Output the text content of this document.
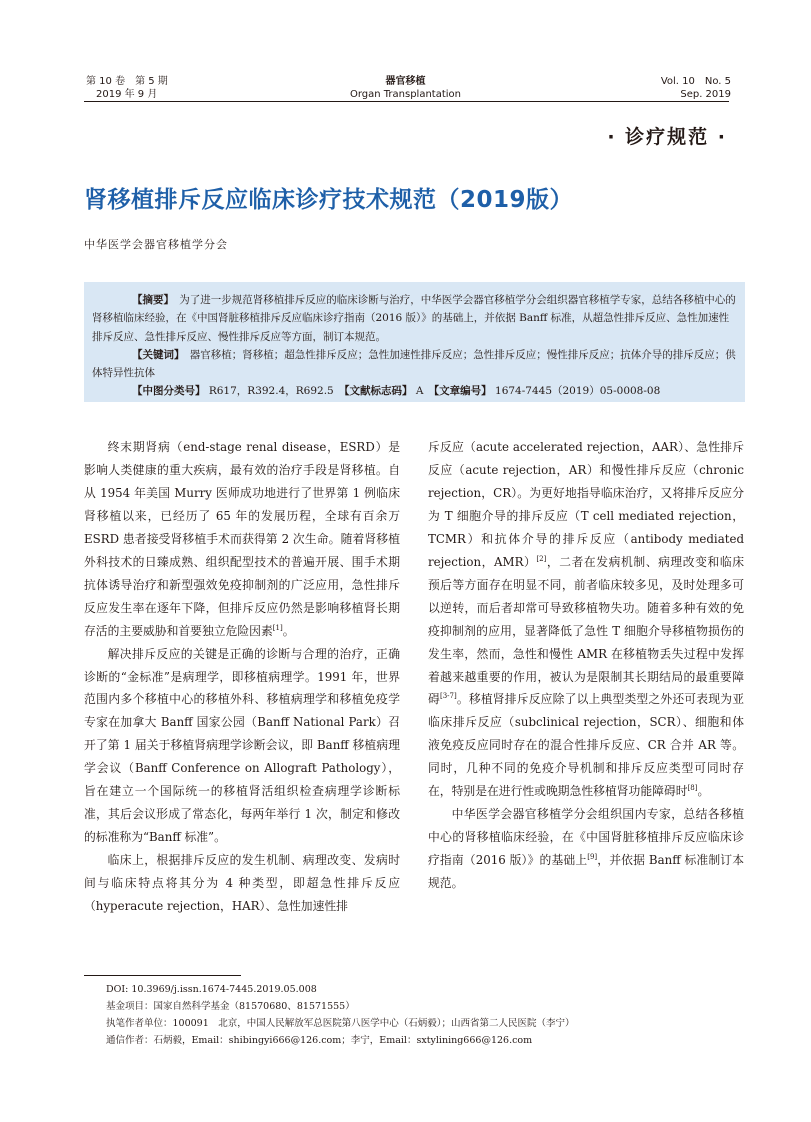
第 10 卷　第 5 期
2019 年 9 月
器官移植
Organ Transplantation
Vol. 10　No. 5
Sep. 2019
· 诊疗规范 ·
肾移植排斥反应临床诊疗技术规范（2019版）
中华医学会器官移植学分会

【摘要】　 为了进一步规范肾移植排斥反应的临床诊断与治疗，中华医学会器官移植学分会组织器官移植学专家，总结各移植中心的肾移植临床经验，在《中国肾脏移植排斥反应临床诊疗指南（2016 版）》的基础上，并依据 Banff 标准，从超急性排斥反应、急性加速性排斥反应、急性排斥反应、慢性排斥反应等方面，制订本规范。

【关键词】　 器官移植；肾移植；超急性排斥反应；急性加速性排斥反应；急性排斥反应；慢性排斥反应；抗体介导的排斥反应；供体特异性抗体

【中图分类号】 R617，R392.4，R692.5　 【文献标志码】 A　 【文章编号】 1674-7445（2019）05-0008-08

终末期肾病（end-stage renal disease，ESRD）是影响人类健康的重大疾病，最有效的治疗手段是肾移植。自从 1954 年美国 Murry 医师成功地进行了世界第 1 例临床肾移植以来，已经历了 65 年的发展历程，全球有百余万 ESRD 患者接受肾移植手术而获得第 2 次生命。随着肾移植外科技术的日臻成熟、组织配型技术的普遍开展、围手术期抗体诱导治疗和新型强效免疫抑制剂的广泛应用，急性排斥反应发生率在逐年下降，但排斥反应仍然是影响移植肾长期存活的主要威胁和首要独立危险因素[1]。

解决排斥反应的关键是正确的诊断与合理的治疗，正确诊断的“金标准”是病理学，即移植病理学。1991 年，世界范围内多个移植中心的移植外科、移植病理学和移植免疫学专家在加拿大 Banff 国家公园（Banff National Park）召开了第 1 届关于移植肾病理学诊断会议，即 Banff 移植病理学会议（Banff Conference on Allograft Pathology），旨在建立一个国际统一的移植肾活组织检查病理学诊断标准，其后会议形成了常态化，每两年举行 1 次，制定和修改的标准称为“Banff 标准”。

临床上，根据排斥反应的发生机制、病理改变、发病时间与临床特点将其分为 4 种类型，即超急性排斥反应（hyperacute rejection，HAR）、急性加速性排

斥反应（acute accelerated rejection，AAR）、急性排斥反应（acute rejection，AR）和慢性排斥反应（chronic rejection，CR）。为更好地指导临床治疗，又将排斥反应分为 T 细胞介导的排斥反应（T cell mediated rejection，TCMR）和抗体介导的排斥反应（antibody mediated rejection，AMR）[2]，二者在发病机制、病理改变和临床预后等方面存在明显不同，前者临床较多见，及时处理多可以逆转，而后者却常可导致移植物失功。随着多种有效的免疫抑制剂的应用，显著降低了急性 T 细胞介导移植物损伤的发生率，然而，急性和慢性 AMR 在移植物丢失过程中发挥着越来越重要的作用，被认为是限制其长期结局的最重要障碍[3-7]。移植肾排斥反应除了以上典型类型之外还可表现为亚临床排斥反应（subclinical rejection，SCR）、细胞和体液免疫反应同时存在的混合性排斥反应、CR 合并 AR 等。同时，几种不同的免疫介导机制和排斥反应类型可同时存在，特别是在进行性或晚期急性移植肾功能障碍时[8]。

中华医学会器官移植学分会组织国内专家，总结各移植中心的肾移植临床经验，在《中国肾脏移植排斥反应临床诊疗指南（2016 版）》的基础上[9]，并依据 Banff 标准制订本规范。

DOI: 10.3969/j.issn.1674-7445.2019.05.008
基金项目：国家自然科学基金（81570680、81571555）
执笔作者单位：100091　北京，中国人民解放军总医院第八医学中心（石炳毅）；山西省第二人民医院（李宁）
通信作者：石炳毅，Email：shibingyi666@126.com；李宁，Email：sxtylining666@126.com
